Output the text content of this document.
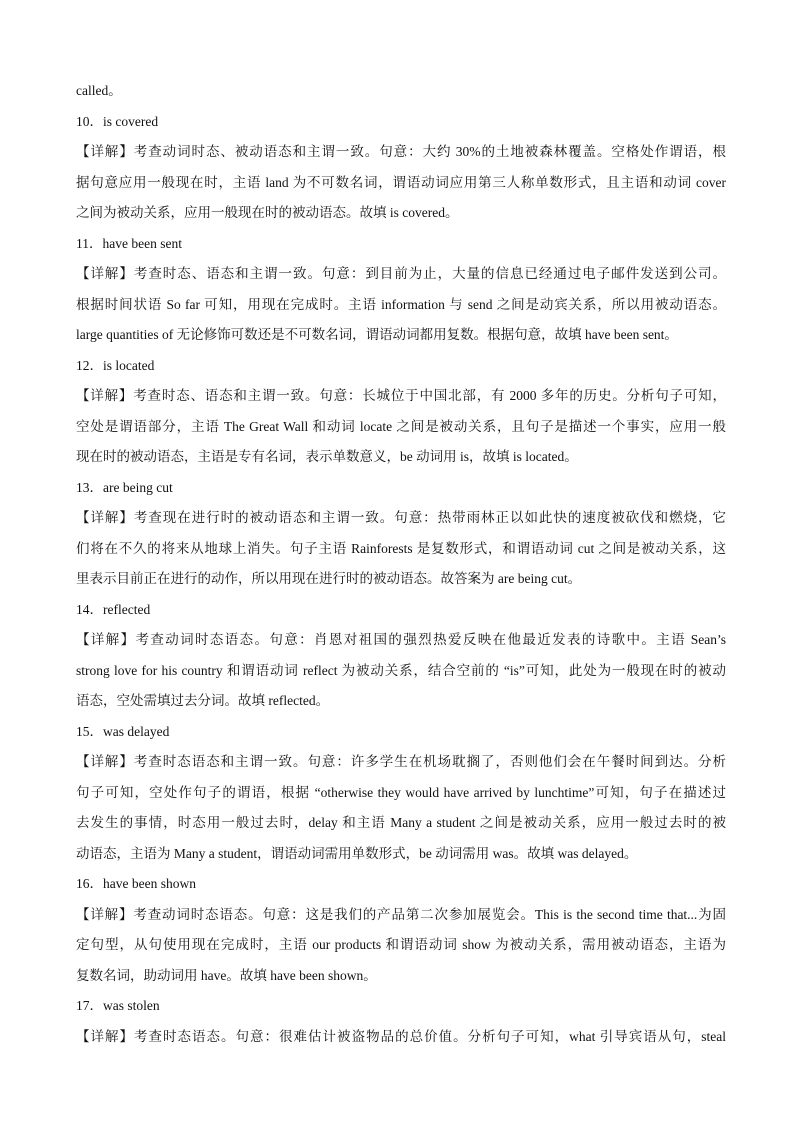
called。
10．is covered
【详解】考查动词时态、被动语态和主谓一致。句意：大约 30%的土地被森林覆盖。空格处作谓语，根
据句意应用一般现在时，主语 land 为不可数名词，谓语动词应用第三人称单数形式，且主语和动词 cover
之间为被动关系，应用一般现在时的被动语态。故填 is covered。
11．have been sent
【详解】考查时态、语态和主谓一致。句意：到目前为止，大量的信息已经通过电子邮件发送到公司。
根据时间状语 So far 可知，用现在完成时。主语 information 与 send 之间是动宾关系，所以用被动语态。
large quantities of 无论修饰可数还是不可数名词，谓语动词都用复数。根据句意，故填 have been sent。
12．is located
【详解】考查时态、语态和主谓一致。句意：长城位于中国北部，有 2000 多年的历史。分析句子可知，
空处是谓语部分，主语 The Great Wall 和动词 locate 之间是被动关系，且句子是描述一个事实，应用一般
现在时的被动语态，主语是专有名词，表示单数意义，be 动词用 is，故填 is located。
13．are being cut
【详解】考查现在进行时的被动语态和主谓一致。句意：热带雨林正以如此快的速度被砍伐和燃烧，它
们将在不久的将来从地球上消失。句子主语 Rainforests 是复数形式，和谓语动词 cut 之间是被动关系，这
里表示目前正在进行的动作，所以用现在进行时的被动语态。故答案为 are being cut。
14．reflected
【详解】考查动词时态语态。句意：肖恩对祖国的强烈热爱反映在他最近发表的诗歌中。主语 Sean’s
strong love for his country 和谓语动词 reflect 为被动关系，结合空前的 “is”可知，此处为一般现在时的被动
语态，空处需填过去分词。故填 reflected。
15．was delayed
【详解】考查时态语态和主谓一致。句意：许多学生在机场耽搁了，否则他们会在午餐时间到达。分析
句子可知，空处作句子的谓语，根据 “otherwise they would have arrived by lunchtime”可知，句子在描述过
去发生的事情，时态用一般过去时，delay 和主语 Many a student 之间是被动关系，应用一般过去时的被
动语态，主语为 Many a student，谓语动词需用单数形式，be 动词需用 was。故填 was delayed。
16．have been shown
【详解】考查动词时态语态。句意：这是我们的产品第二次参加展览会。This is the second time that...为固
定句型，从句使用现在完成时，主语 our products 和谓语动词 show 为被动关系，需用被动语态，主语为
复数名词，助动词用 have。故填 have been shown。
17．was stolen
【详解】考查时态语态。句意：很难估计被盗物品的总价值。分析句子可知，what 引导宾语从句，steal
